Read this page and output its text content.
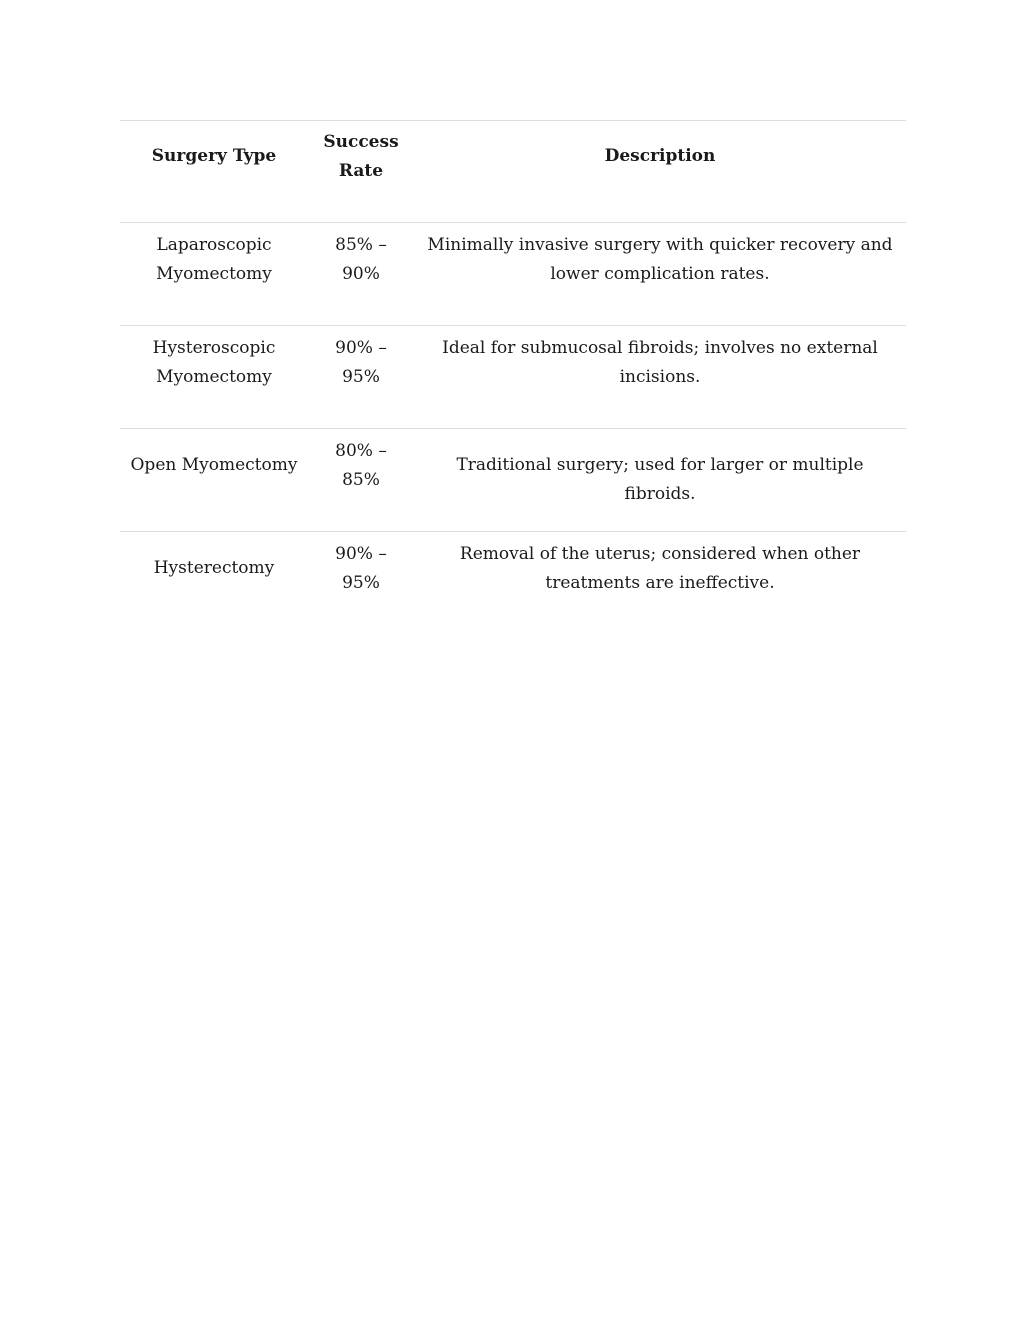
Surgery Type	Success Rate	Description
Laparoscopic Myomectomy	85% – 90%	Minimally invasive surgery with quicker recovery and lower complication rates.
Hysteroscopic Myomectomy	90% – 95%	Ideal for submucosal fibroids; involves no external incisions.
Open Myomectomy	80% – 85%	Traditional surgery; used for larger or multiple fibroids.
Hysterectomy	90% – 95%	Removal of the uterus; considered when other treatments are ineffective.
